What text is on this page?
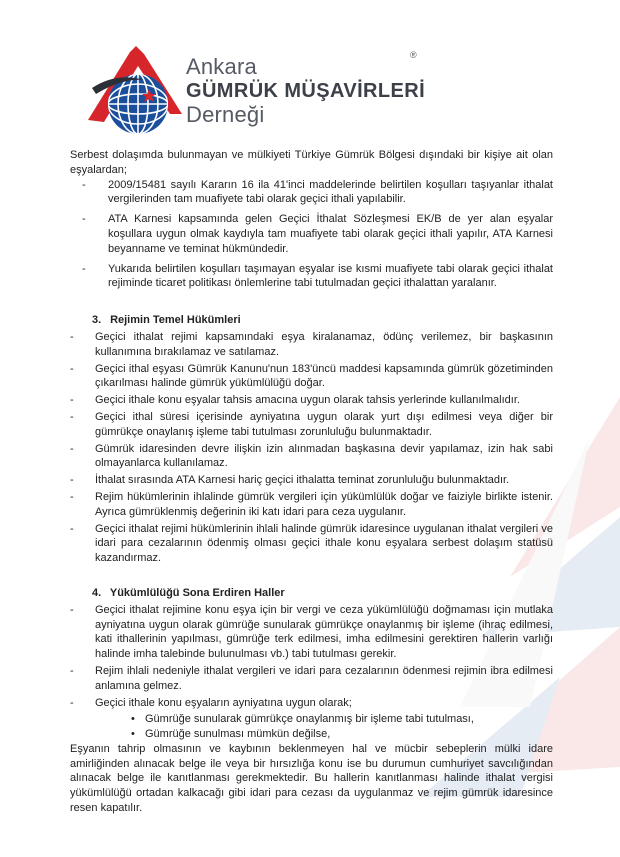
Ankara
GÜMRÜK MÜŞAVİRLERİ
Derneği
®
Serbest dolaşımda bulunmayan ve mülkiyeti Türkiye Gümrük Bölgesi dışındaki bir kişiye ait olan eşyalardan;
- 2009/15481 sayılı Kararın 16 ila 41'inci maddelerinde belirtilen koşulları taşıyanlar ithalat vergilerinden tam muafiyete tabi olarak geçici ithali yapılabilir.
- ATA Karnesi kapsamında gelen Geçici İthalat Sözleşmesi EK/B de yer alan eşyalar koşullara uygun olmak kaydıyla tam muafiyete tabi olarak geçici ithali yapılır, ATA Karnesi beyanname ve teminat hükmündedir.
- Yukarıda belirtilen koşulları taşımayan eşyalar ise kısmi muafiyete tabi olarak geçici ithalat rejiminde ticaret politikası önlemlerine tabi tutulmadan geçici ithalattan yaralanır.
3. Rejimin Temel Hükümleri
- Geçici ithalat rejimi kapsamındaki eşya kiralanamaz, ödünç verilemez, bir başkasının kullanımına bırakılamaz ve satılamaz.
- Geçici ithal eşyası Gümrük Kanunu'nun 183'üncü maddesi kapsamında gümrük gözetiminden çıkarılması halinde gümrük yükümlülüğü doğar.
- Geçici ithale konu eşyalar tahsis amacına uygun olarak tahsis yerlerinde kullanılmalıdır.
- Geçici ithal süresi içerisinde ayniyatına uygun olarak yurt dışı edilmesi veya diğer bir gümrükçe onaylanış işleme tabi tutulması zorunluluğu bulunmaktadır.
- Gümrük idaresinden devre ilişkin izin alınmadan başkasına devir yapılamaz, izin hak sabi olmayanlarca kullanılamaz.
- İthalat sırasında ATA Karnesi hariç geçici ithalatta teminat zorunluluğu bulunmaktadır.
- Rejim hükümlerinin ihlalinde gümrük vergileri için yükümlülük doğar ve faiziyle birlikte istenir. Ayrıca gümrüklenmiş değerinin iki katı idari para ceza uygulanır.
- Geçici ithalat rejimi hükümlerinin ihlali halinde gümrük idaresince uygulanan ithalat vergileri ve idari para cezalarının ödenmiş olması geçici ithale konu eşyalara serbest dolaşım statüsü kazandırmaz.
4. Yükümlülüğü Sona Erdiren Haller
- Geçici ithalat rejimine konu eşya için bir vergi ve ceza yükümlülüğü doğmaması için mutlaka ayniyatına uygun olarak gümrüğe sunularak gümrükçe onaylanmış bir işleme (ihraç edilmesi, kati ithallerinin yapılması, gümrüğe terk edilmesi, imha edilmesini gerektiren hallerin varlığı halinde imha talebinde bulunulması vb.) tabi tutulması gerekir.
- Rejim ihlali nedeniyle ithalat vergileri ve idari para cezalarının ödenmesi rejimin ibra edilmesi anlamına gelmez.
- Geçici ithale konu eşyaların ayniyatına uygun olarak;
• Gümrüğe sunularak gümrükçe onaylanmış bir işleme tabi tutulması,
• Gümrüğe sunulması mümkün değilse,
Eşyanın tahrip olmasının ve kaybının beklenmeyen hal ve mücbir sebeplerin mülki idare amirliğinden alınacak belge ile veya bir hırsızlığa konu ise bu durumun cumhuriyet savcılığından alınacak belge ile kanıtlanması gerekmektedir. Bu hallerin kanıtlanması halinde ithalat vergisi yükümlülüğü ortadan kalkacağı gibi idari para cezası da uygulanmaz ve rejim gümrük idaresince resen kapatılır.
